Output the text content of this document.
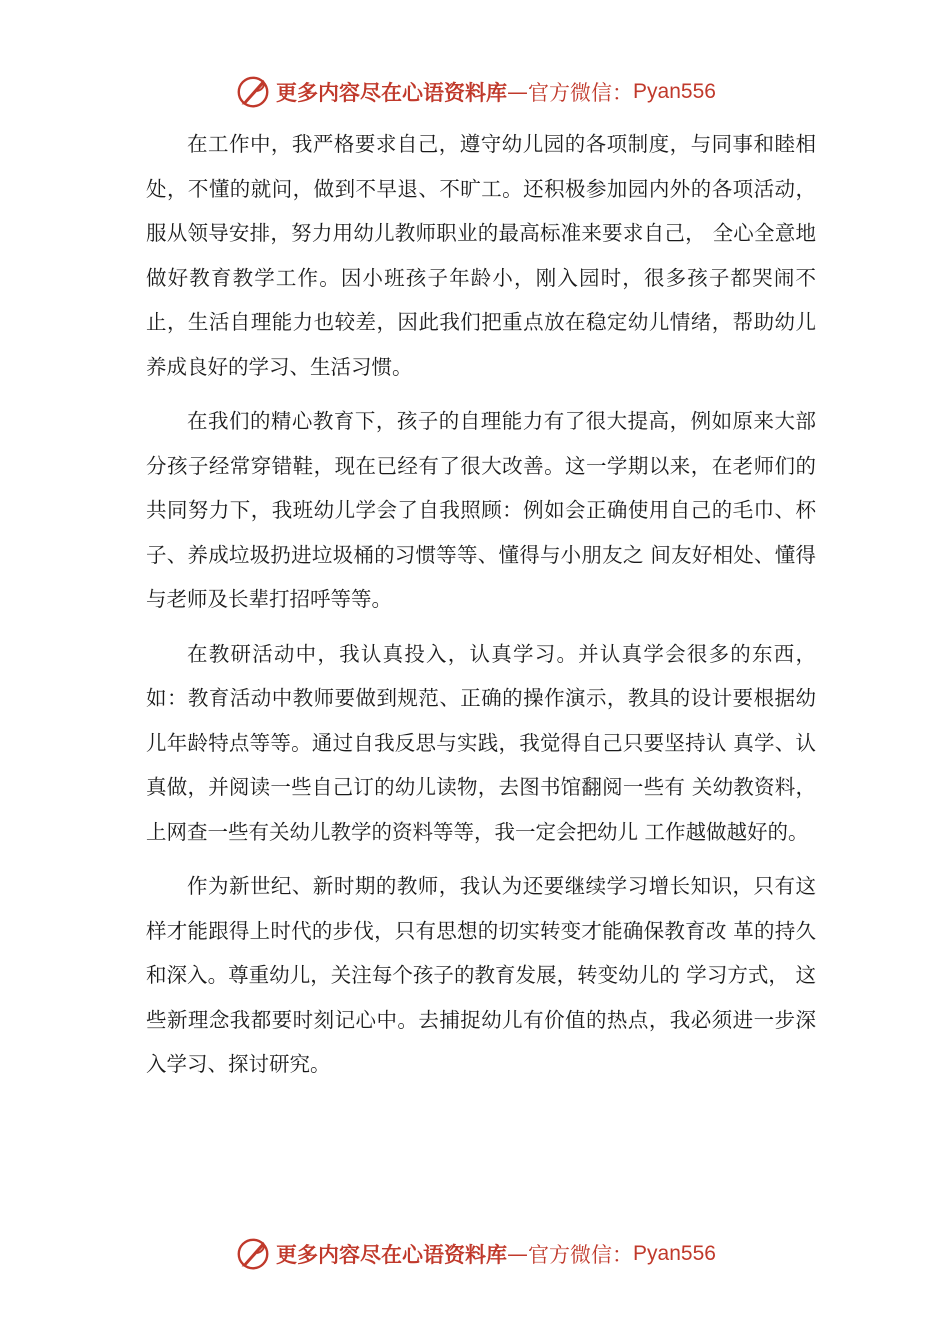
更多内容尽在心语资料库 — 官方微信： Pyan556

在工作中，我严格要求自己，遵守幼儿园的各项制度，与同事和睦相处，不懂的就问，做到不早退、不旷工。还积极参加园内外的各项活动，服从领导安排，努力用幼儿教师职业的最高标准来要求自己， 全心全意地做好教育教学工作。因小班孩子年龄小，刚入园时，很多孩子都哭闹不止，生活自理能力也较差，因此我们把重点放在稳定幼儿情绪，帮助幼儿养成良好的学习、生活习惯。

在我们的精心教育下，孩子的自理能力有了很大提高，例如原来大部分孩子经常穿错鞋，现在已经有了很大改善。这一学期以来，在老师们的共同努力下，我班幼儿学会了自我照顾：例如会正确使用自己的毛巾、杯子、养成垃圾扔进垃圾桶的习惯等等、懂得与小朋友之 间友好相处、懂得与老师及长辈打招呼等等。

在教研活动中，我认真投入，认真学习。并认真学会很多的东西， 如：教育活动中教师要做到规范、正确的操作演示，教具的设计要根据幼儿年龄特点等等。通过自我反思与实践，我觉得自己只要坚持认 真学、认真做，并阅读一些自己订的幼儿读物，去图书馆翻阅一些有 关幼教资料，上网查一些有关幼儿教学的资料等等，我一定会把幼儿 工作越做越好的。

作为新世纪、新时期的教师，我认为还要继续学习增长知识，只有这样才能跟得上时代的步伐，只有思想的切实转变才能确保教育改 革的持久和深入。尊重幼儿，关注每个孩子的教育发展，转变幼儿的 学习方式， 这些新理念我都要时刻记心中。去捕捉幼儿有价值的热点，我必须进一步深入学习、探讨研究。

更多内容尽在心语资料库 — 官方微信： Pyan556
